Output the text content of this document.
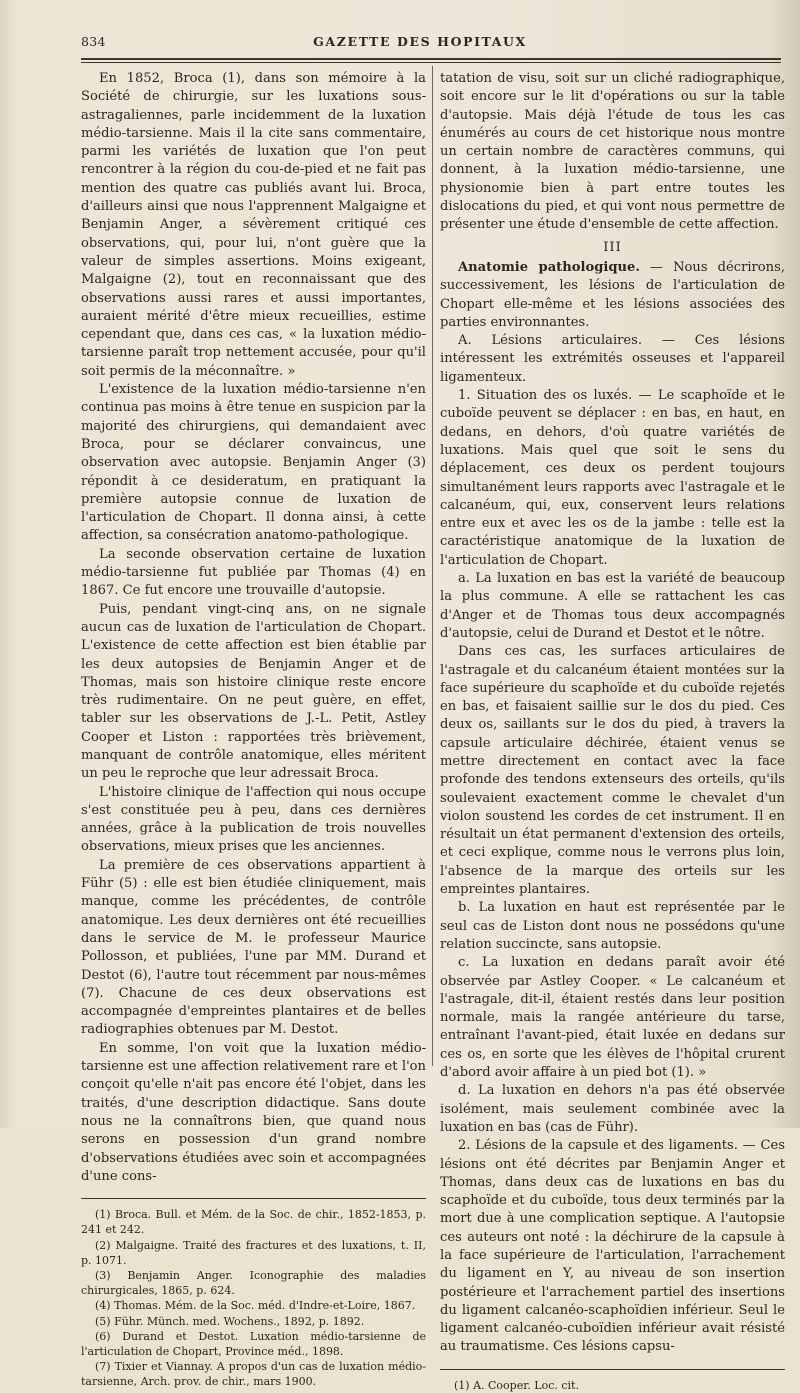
834	GAZETTE DES HOPITAUX

En 1852, Broca (1), dans son mémoire à la Société de chirurgie, sur les luxations sous-astragaliennes, parle incidemment de la luxation médio-tarsienne. Mais il la cite sans commentaire, parmi les variétés de luxation que l'on peut rencontrer à la région du cou-de-pied et ne fait pas mention des quatre cas publiés avant lui. Broca, d'ailleurs ainsi que nous l'apprennent Malgaigne et Benjamin Anger, a sévèrement critiqué ces observations, qui, pour lui, n'ont guère que la valeur de simples assertions. Moins exigeant, Malgaigne (2), tout en reconnaissant que des observations aussi rares et aussi importantes, auraient mérité d'être mieux recueillies, estime cependant que, dans ces cas, « la luxation médio-tarsienne paraît trop nettement accusée, pour qu'il soit permis de la méconnaître. »

L'existence de la luxation médio-tarsienne n'en continua pas moins à être tenue en suspicion par la majorité des chirurgiens, qui demandaient avec Broca, pour se déclarer convaincus, une observation avec autopsie. Benjamin Anger (3) répondit à ce desideratum, en pratiquant la première autopsie connue de luxation de l'articulation de Chopart. Il donna ainsi, à cette affection, sa consécration anatomo-pathologique.

La seconde observation certaine de luxation médio-tarsienne fut publiée par Thomas (4) en 1867. Ce fut encore une trouvaille d'autopsie.

Puis, pendant vingt-cinq ans, on ne signale aucun cas de luxation de l'articulation de Chopart. L'existence de cette affection est bien établie par les deux autopsies de Benjamin Anger et de Thomas, mais son histoire clinique reste encore très rudimentaire. On ne peut guère, en effet, tabler sur les observations de J.-L. Petit, Astley Cooper et Liston : rapportées très brièvement, manquant de contrôle anatomique, elles méritent un peu le reproche que leur adressait Broca.

L'histoire clinique de l'affection qui nous occupe s'est constituée peu à peu, dans ces dernières années, grâce à la publication de trois nouvelles observations, mieux prises que les anciennes.

La première de ces observations appartient à Führ (5) : elle est bien étudiée cliniquement, mais manque, comme les précédentes, de contrôle anatomique. Les deux dernières ont été recueillies dans le service de M. le professeur Maurice Pollosson, et publiées, l'une par MM. Durand et Destot (6), l'autre tout récemment par nous-mêmes (7). Chacune de ces deux observations est accompagnée d'empreintes plantaires et de belles radiographies obtenues par M. Destot.

En somme, l'on voit que la luxation médio-tarsienne est une affection relativement rare et l'on conçoit qu'elle n'ait pas encore été l'objet, dans les traités, d'une description didactique. Sans doute nous ne la connaîtrons bien, que quand nous serons en possession d'un grand nombre d'observations étudiées avec soin et accompagnées d'une cons-

(1) Broca. Bull. et Mém. de la Soc. de chir., 1852-1853, p. 241 et 242.
(2) Malgaigne. Traité des fractures et des luxations, t. II, p. 1071.
(3) Benjamin Anger. Iconographie des maladies chirurgicales, 1865, p. 624.
(4) Thomas. Mém. de la Soc. méd. d'Indre-et-Loire, 1867.
(5) Führ. Münch. med. Wochens., 1892, p. 1892.
(6) Durand et Destot. Luxation médio-tarsienne de l'articulation de Chopart, Province méd., 1898.
(7) Tixier et Viannay. A propos d'un cas de luxation médio-tarsienne, Arch. prov. de chir., mars 1900.

tatation de visu, soit sur un cliché radiographique, soit encore sur le lit d'opérations ou sur la table d'autopsie. Mais déjà l'étude de tous les cas énumérés au cours de cet historique nous montre un certain nombre de caractères communs, qui donnent, à la luxation médio-tarsienne, une physionomie bien à part entre toutes les dislocations du pied, et qui vont nous permettre de présenter une étude d'ensemble de cette affection.

III

Anatomie pathologique. — Nous décrirons, successivement, les lésions de l'articulation de Chopart elle-même et les lésions associées des parties environnantes.

A. Lésions articulaires. — Ces lésions intéressent les extrémités osseuses et l'appareil ligamenteux.

1. Situation des os luxés. — Le scaphoïde et le cuboïde peuvent se déplacer : en bas, en haut, en dedans, en dehors, d'où quatre variétés de luxations. Mais quel que soit le sens du déplacement, ces deux os perdent toujours simultanément leurs rapports avec l'astragale et le calcanéum, qui, eux, conservent leurs relations entre eux et avec les os de la jambe : telle est la caractéristique anatomique de la luxation de l'articulation de Chopart.

a. La luxation en bas est la variété de beaucoup la plus commune. A elle se rattachent les cas d'Anger et de Thomas tous deux accompagnés d'autopsie, celui de Durand et Destot et le nôtre.

Dans ces cas, les surfaces articulaires de l'astragale et du calcanéum étaient montées sur la face supérieure du scaphoïde et du cuboïde rejetés en bas, et faisaient saillie sur le dos du pied. Ces deux os, saillants sur le dos du pied, à travers la capsule articulaire déchirée, étaient venus se mettre directement en contact avec la face profonde des tendons extenseurs des orteils, qu'ils soulevaient exactement comme le chevalet d'un violon soustend les cordes de cet instrument. Il en résultait un état permanent d'extension des orteils, et ceci explique, comme nous le verrons plus loin, l'absence de la marque des orteils sur les empreintes plantaires.

b. La luxation en haut est représentée par le seul cas de Liston dont nous ne possédons qu'une relation succincte, sans autopsie.

c. La luxation en dedans paraît avoir été observée par Astley Cooper. « Le calcanéum et l'astragale, dit-il, étaient restés dans leur position normale, mais la rangée antérieure du tarse, entraînant l'avant-pied, était luxée en dedans sur ces os, en sorte que les élèves de l'hôpital crurent d'abord avoir affaire à un pied bot (1). »

d. La luxation en dehors n'a pas été observée isolément, mais seulement combinée avec la luxation en bas (cas de Führ).

2. Lésions de la capsule et des ligaments. — Ces lésions ont été décrites par Benjamin Anger et Thomas, dans deux cas de luxations en bas du scaphoïde et du cuboïde, tous deux terminés par la mort due à une complication septique. A l'autopsie ces auteurs ont noté : la déchirure de la capsule à la face supérieure de l'articulation, l'arrachement du ligament en Y, au niveau de son insertion postérieure et l'arrachement partiel des insertions du ligament calcanéo-scaphoïdien inférieur. Seul le ligament calcanéo-cuboïdien inférieur avait résisté au traumatisme. Ces lésions capsu-

(1) A. Cooper. Loc. cit.
